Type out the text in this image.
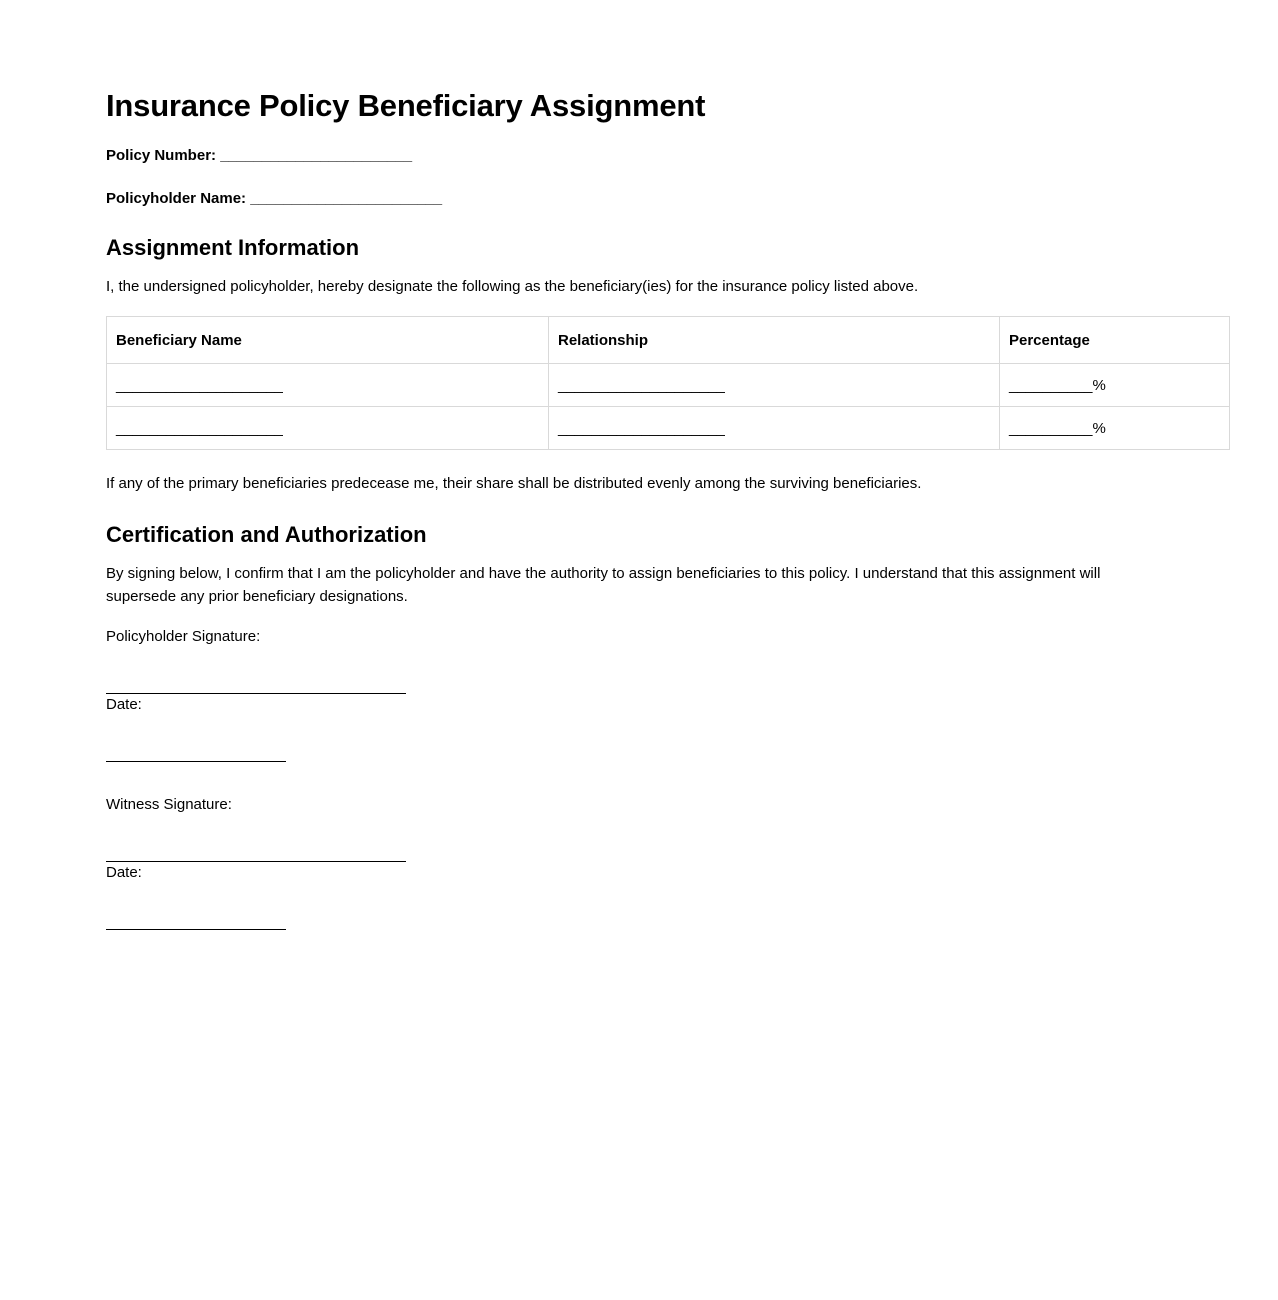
Insurance Policy Beneficiary Assignment
Policy Number: _______________________
Policyholder Name: _______________________
Assignment Information

I, the undersigned policyholder, hereby designate the following as the beneficiary(ies) for the insurance policy listed above.

Beneficiary Name	Relationship	Percentage
____________________	____________________	__________%
____________________	____________________	__________%

If any of the primary beneficiaries predecease me, their share shall be distributed evenly among the surviving beneficiaries.

Certification and Authorization

By signing below, I confirm that I am the policyholder and have the authority to assign beneficiaries to this policy. I understand that this assignment will supersede any prior beneficiary designations.

Policyholder Signature:

Date:

Witness Signature:

Date:
